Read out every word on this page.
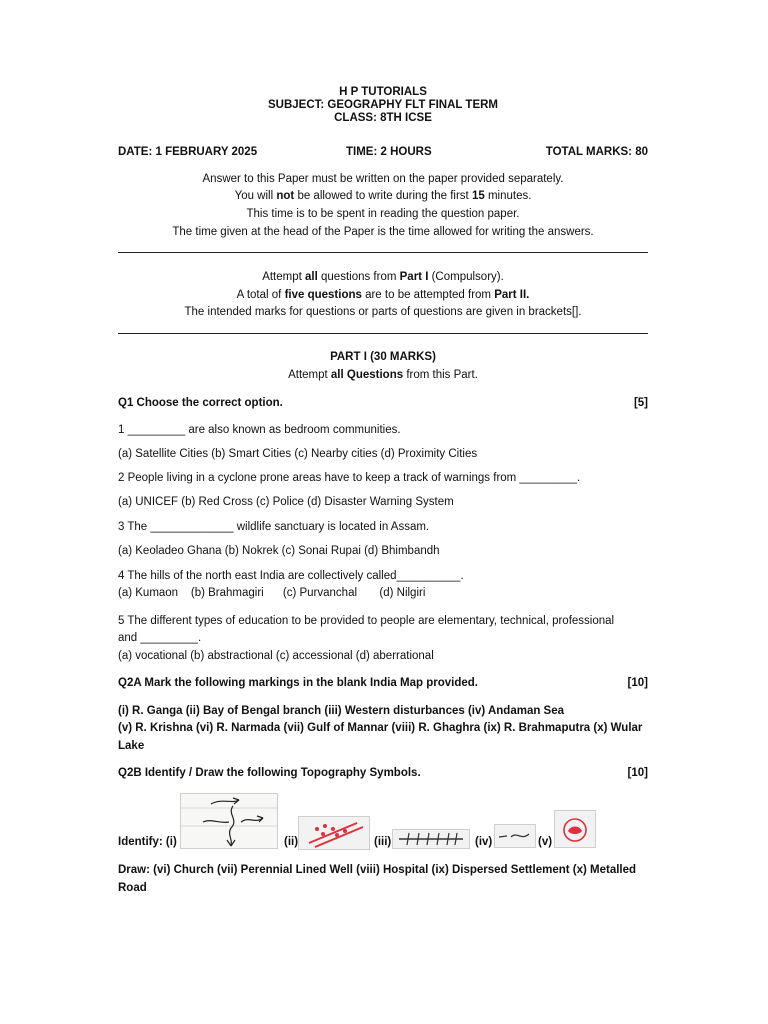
H P TUTORIALS
SUBJECT: GEOGRAPHY FLT FINAL TERM
CLASS: 8TH ICSE
DATE: 1 FEBRUARY 2025	TIME: 2 HOURS	TOTAL MARKS: 80
Answer to this Paper must be written on the paper provided separately.
You will not be allowed to write during the first 15 minutes.
This time is to be spent in reading the question paper.
The time given at the head of the Paper is the time allowed for writing the answers.
Attempt all questions from Part I (Compulsory).
A total of five questions are to be attempted from Part II.
The intended marks for questions or parts of questions are given in brackets[].
PART I (30 MARKS)
Attempt all Questions from this Part.
Q1 Choose the correct option.	[5]
1 _________ are also known as bedroom communities.
(a) Satellite Cities (b) Smart Cities (c) Nearby cities (d) Proximity Cities
2 People living in a cyclone prone areas have to keep a track of warnings from _________.
(a) UNICEF (b) Red Cross (c) Police (d) Disaster Warning System
3 The _____________ wildlife sanctuary is located in Assam.
(a) Keoladeo Ghana (b) Nokrek (c) Sonai Rupai (d) Bhimbandh
4 The hills of the north east India are collectively called__________.
(a) Kumaon    (b) Brahmagiri      (c) Purvanchal       (d) Nilgiri
5 The different types of education to be provided to people are elementary, technical, professional
and _________.
(a) vocational (b) abstractional (c) accessional (d) aberrational
Q2A Mark the following markings in the blank India Map provided.	[10]
(i) R. Ganga (ii) Bay of Bengal branch (iii) Western disturbances (iv) Andaman Sea
(v) R. Krishna (vi) R. Narmada (vii) Gulf of Mannar (viii) R. Ghaghra (ix) R. Brahmaputra (x) Wular
Lake
Q2B Identify / Draw the following Topography Symbols.	[10]
Identify: (i)	(ii)	(iii)	(iv)	(v)
Draw: (vi) Church (vii) Perennial Lined Well (viii) Hospital (ix) Dispersed Settlement (x) Metalled
Road
